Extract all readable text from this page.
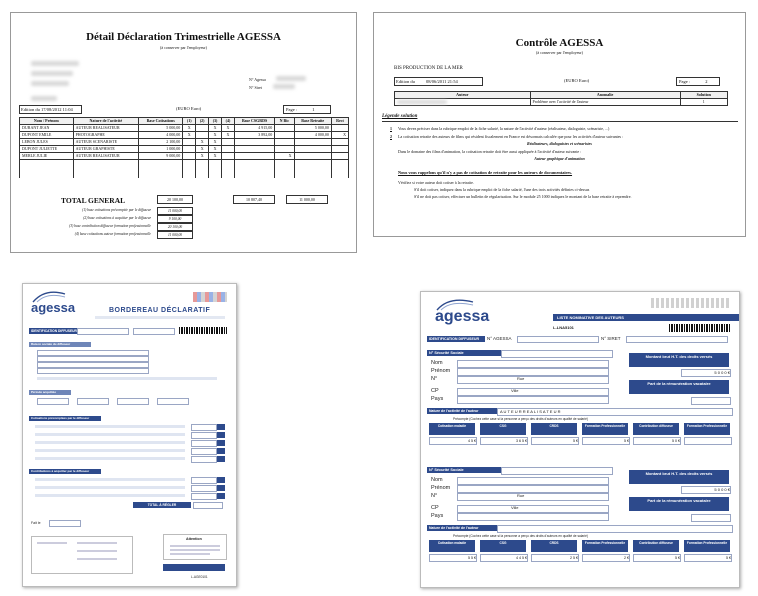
Détail Déclaration Trimestrielle AGESSA
(à conserver par l'employeur)
N° Agessa
N° Siret
Edition du 17/08/2012 11:04	(EURO Euro)	Page :	1
Nom / Prénom	Nature de l'activité	Base Cotisations	(1)	(2)	(3)	(4)	Base CSGRDS	N Bic	Base Retraite	Rect
DURANT JEAN	AUTEUR REALISATEUR	5 000,00	X		X	X	4 915,00		5 000,00	
DUPONT EMILE	PHOTOGRAPHE	4 000,00	X		X	X	3 892,00		4 000,00	X
LEBON JULES	AUTEUR SCENARISTE	2 100,00		X	X					
DUPONT JULIETTE	AUTEUR GRAPHISTE	1 000,00		X	X					
MERLE JULIE	AUTEUR REALISATEUR	9 000,00		X	X			X		

TOTAL GENERAL	20 100,00	10 807,40	11 000,00
(1) base cotisations précomptée par le diffuseur	11 000,00
(2) base cotisations à acquitter par le diffuseur	9 100,00
(3) base contribution diffuseur formation professionnelle	20 100,00
(4) base cotisations auteur formation professionnelle	11 000,00
Contrôle AGESSA
(à conserver par l'employeur)
BIS PRODUCTION DE LA MER
Edition du 08/06/2011 21:54	(EURO Euro)	Page :	2
Auteur	Anomalie	Solution

	Problème avec l'activité de l'auteur	1
Légende solution
1 Vous devez préciser dans la rubrique emploi de la fiche salarié, la nature de l'activité d'auteur (réalisateur, dialoguiste, scénariste, ...)
2 La cotisation retraite des auteurs de films qui résident fiscalement en France est désormais calculée que pour les activités d'auteur suivantes :
Réalisateurs, dialoguistes et scénaristes
Dans le domaine des films d'animation, la cotisation retraite doit être aussi appliquée à l'activité d'auteur suivante :
Auteur graphique d'animation
Nous vous rappelons qu'il n'y a pas de cotisation de retraite pour les auteurs de documentaires.
Vérifiez si votre auteur doit cotiser à la retraite.
S'il doit cotiser, indiquez dans la rubrique emploi de la fiche salarié, l'une des trois activités définies ci-dessus
S'il ne doit pas cotiser, effectuer un bulletin de régularisation. Sur le module 25 1000 indiquez le montant de la base retraite à reprendre.
agessa	BORDEREAU DÉCLARATIF
IDENTIFICATION DIFFUSEUR
Raison sociale du diffuseur
Période acquittée
Cotisations précomptées par le diffuseur
Contributions à acquitter par le diffuseur
TOTAL À RÉGLER
Fait le
Attention
L-AGE0101
agessa	LISTE NOMINATIVE DES AUTEURS
L-LNA5101
IDENTIFICATION DIFFUSEUR	N° AGESSA	N° SIRET
N° Sécurité Sociale
Nom
Prénom
N°
CP
Pays
Rue
Ville
Montant brut H.T. des droits versés
5 0 0 0 €
Part de la rémunération vacataire
Nature de l'activité de l'auteur	A U T E U R R E A L I S A T E U R
Précompte (Cochez cette case si la personne a perçu des droits d'auteurs en qualité de salarié)
Cotisation maladie
4 5 €
CSG
3 6 5 €
CRDS
5 €
Formation Professionnelle
5 €
Contribution diffuseur
5 0 €
Formation Professionnelle
N° Sécurité Sociale
Nom
Prénom
N°
CP
Pays
Rue
Ville
Montant brut H.T. des droits versés
5 0 0 0 €
Part de la rémunération vacataire
Nature de l'activité de l'auteur
Précompte (Cochez cette case si la personne a perçu des droits d'auteurs en qualité de salarié)
Cotisation maladie
5 5 €
CSG
4 4 5 €
CRDS
2 5 €
Formation Professionnelle
2 €
Contribution diffuseur
5 €
Formation Professionnelle
5 €
